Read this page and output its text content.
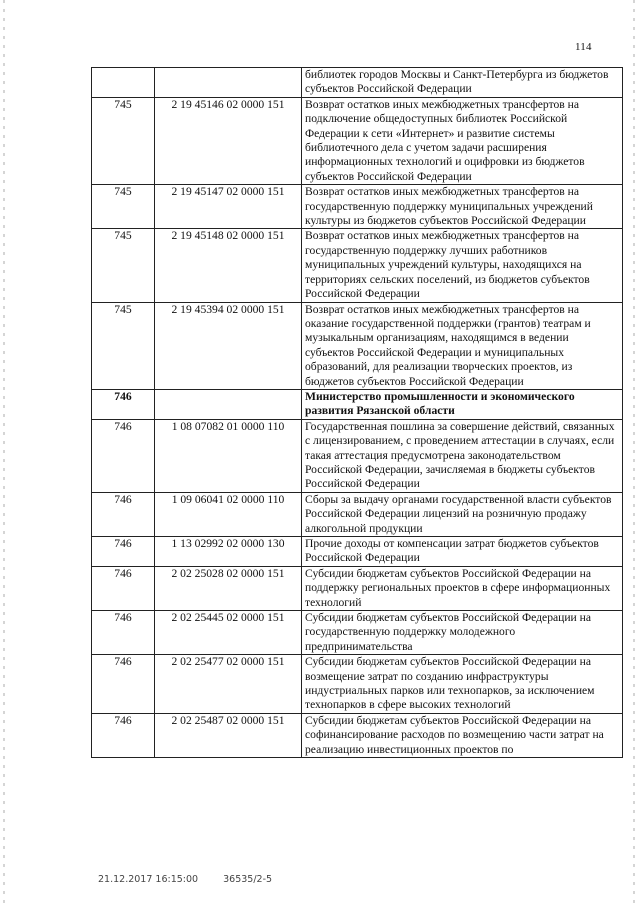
114
		библиотек городов Москвы и Санкт-Петербурга из бюджетов субъектов Российской Федерации
745	2 19 45146 02 0000 151	Возврат остатков иных межбюджетных трансфертов на подключение общедоступных библиотек Российской Федерации к сети «Интернет» и развитие системы библиотечного дела с учетом задачи расширения информационных технологий и оцифровки из бюджетов субъектов Российской Федерации
745	2 19 45147 02 0000 151	Возврат остатков иных межбюджетных трансфертов на государственную поддержку муниципальных учреждений культуры из бюджетов субъектов Российской Федерации
745	2 19 45148 02 0000 151	Возврат остатков иных межбюджетных трансфертов на государственную поддержку лучших работников муниципальных учреждений культуры, находящихся на территориях сельских поселений, из бюджетов субъектов Российской Федерации
745	2 19 45394 02 0000 151	Возврат остатков иных межбюджетных трансфертов на оказание государственной поддержки (грантов) театрам и музыкальным организациям, находящимся в ведении субъектов Российской Федерации и муниципальных образований, для реализации творческих проектов, из бюджетов субъектов Российской Федерации
746		Министерство промышленности и экономического развития Рязанской области
746	1 08 07082 01 0000 110	Государственная пошлина за совершение действий, связанных с лицензированием, с проведением аттестации в случаях, если такая аттестация предусмотрена законодательством Российской Федерации, зачисляемая в бюджеты субъектов Российской Федерации
746	1 09 06041 02 0000 110	Сборы за выдачу органами государственной власти субъектов Российской Федерации лицензий на розничную продажу алкогольной продукции
746	1 13 02992 02 0000 130	Прочие доходы от компенсации затрат бюджетов субъектов Российской Федерации
746	2 02 25028 02 0000 151	Субсидии бюджетам субъектов Российской Федерации на поддержку региональных проектов в сфере информационных технологий
746	2 02 25445 02 0000 151	Субсидии бюджетам субъектов Российской Федерации на государственную поддержку молодежного предпринимательства
746	2 02 25477 02 0000 151	Субсидии бюджетам субъектов Российской Федерации на возмещение затрат по созданию инфраструктуры индустриальных парков или технопарков, за исключением технопарков в сфере высоких технологий
746	2 02 25487 02 0000 151	Субсидии бюджетам субъектов Российской Федерации на софинансирование расходов по возмещению части затрат на реализацию инвестиционных проектов по
21.12.2017 16:15:00	36535/2-5
